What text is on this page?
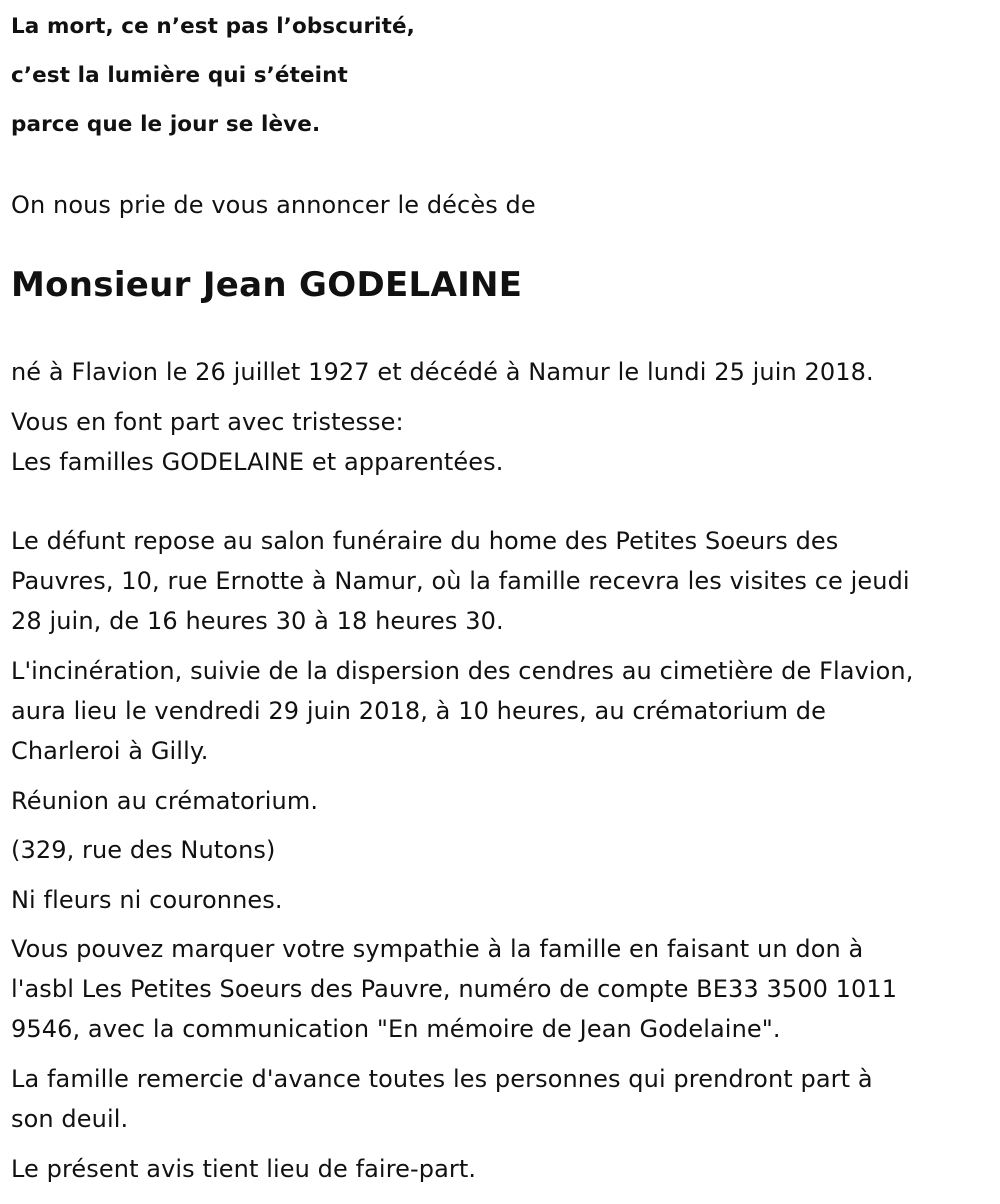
La mort, ce n’est pas l’obscurité,
c’est la lumière qui s’éteint
parce que le jour se lève.
On nous prie de vous annoncer le décès de
Monsieur Jean GODELAINE
né à Flavion le 26 juillet 1927 et décédé à Namur le lundi 25 juin 2018.
Vous en font part avec tristesse:
Les familles GODELAINE et apparentées.
Le défunt repose au salon funéraire du home des Petites Soeurs des
Pauvres, 10, rue Ernotte à Namur, où la famille recevra les visites ce jeudi
28 juin, de 16 heures 30 à 18 heures 30.
L'incinération, suivie de la dispersion des cendres au cimetière de Flavion,
aura lieu le vendredi 29 juin 2018, à 10 heures, au crématorium de
Charleroi à Gilly.
Réunion au crématorium.
(329, rue des Nutons)
Ni fleurs ni couronnes.
Vous pouvez marquer votre sympathie à la famille en faisant un don à
l'asbl Les Petites Soeurs des Pauvre, numéro de compte BE33 3500 1011
9546, avec la communication "En mémoire de Jean Godelaine".
La famille remercie d'avance toutes les personnes qui prendront part à
son deuil.
Le présent avis tient lieu de faire-part.
